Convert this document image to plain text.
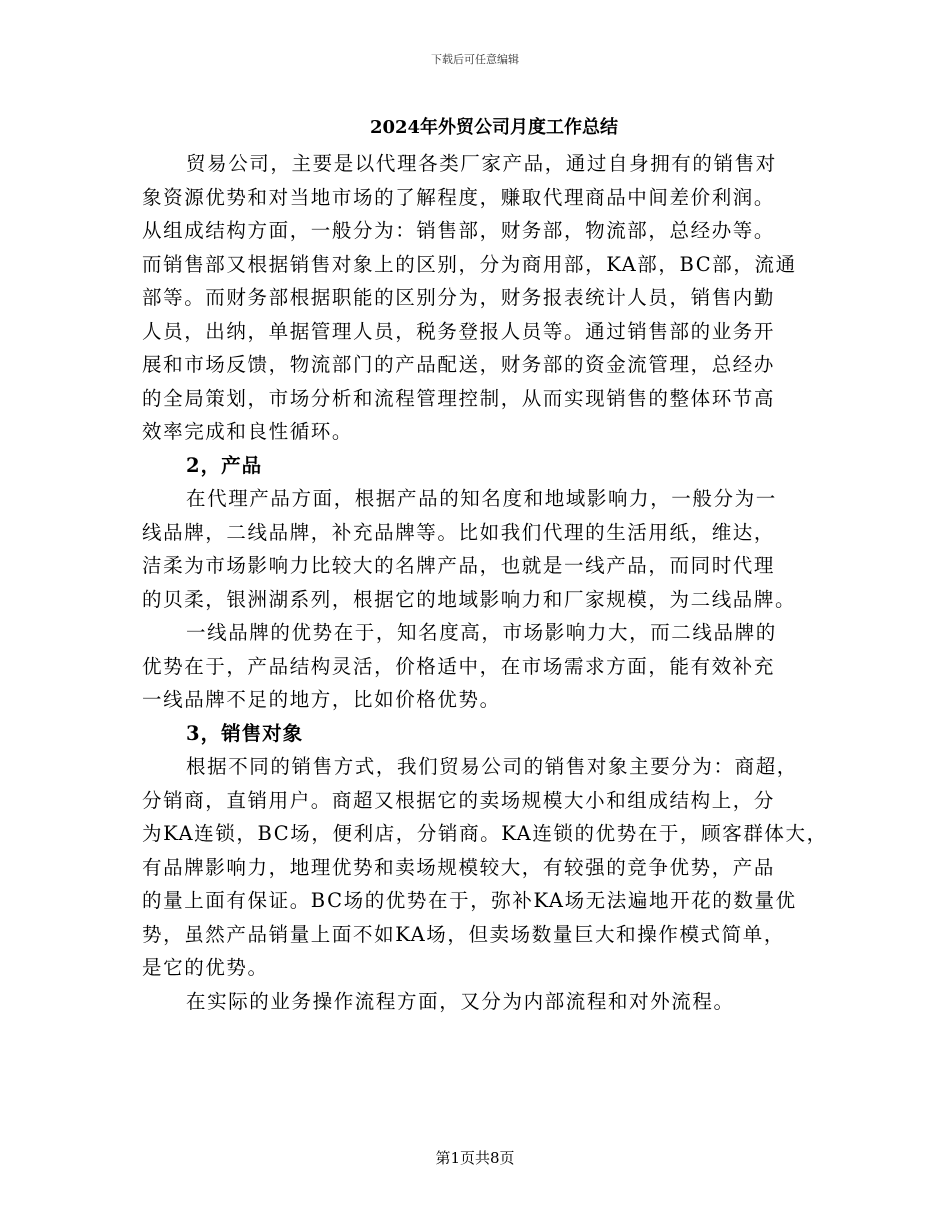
下载后可任意编辑
2024年外贸公司月度工作总结
贸易公司，主要是以代理各类厂家产品，通过自身拥有的销售对
象资源优势和对当地市场的了解程度，赚取代理商品中间差价利润。
从组成结构方面，一般分为：销售部，财务部，物流部，总经办等。
而销售部又根据销售对象上的区别，分为商用部，KA部，BC部，流通
部等。而财务部根据职能的区别分为，财务报表统计人员，销售内勤
人员，出纳，单据管理人员，税务登报人员等。通过销售部的业务开
展和市场反馈，物流部门的产品配送，财务部的资金流管理，总经办
的全局策划，市场分析和流程管理控制，从而实现销售的整体环节高
效率完成和良性循环。
2，产品
在代理产品方面，根据产品的知名度和地域影响力，一般分为一
线品牌，二线品牌，补充品牌等。比如我们代理的生活用纸，维达，
洁柔为市场影响力比较大的名牌产品，也就是一线产品，而同时代理
的贝柔，银洲湖系列，根据它的地域影响力和厂家规模，为二线品牌。
一线品牌的优势在于，知名度高，市场影响力大，而二线品牌的
优势在于，产品结构灵活，价格适中，在市场需求方面，能有效补充
一线品牌不足的地方，比如价格优势。
3，销售对象
根据不同的销售方式，我们贸易公司的销售对象主要分为：商超，
分销商，直销用户。商超又根据它的卖场规模大小和组成结构上，分
为KA连锁，BC场，便利店，分销商。KA连锁的优势在于，顾客群体大，
有品牌影响力，地理优势和卖场规模较大，有较强的竞争优势，产品
的量上面有保证。BC场的优势在于，弥补KA场无法遍地开花的数量优
势，虽然产品销量上面不如KA场，但卖场数量巨大和操作模式简单，
是它的优势。
在实际的业务操作流程方面，又分为内部流程和对外流程。
第1页共8页
